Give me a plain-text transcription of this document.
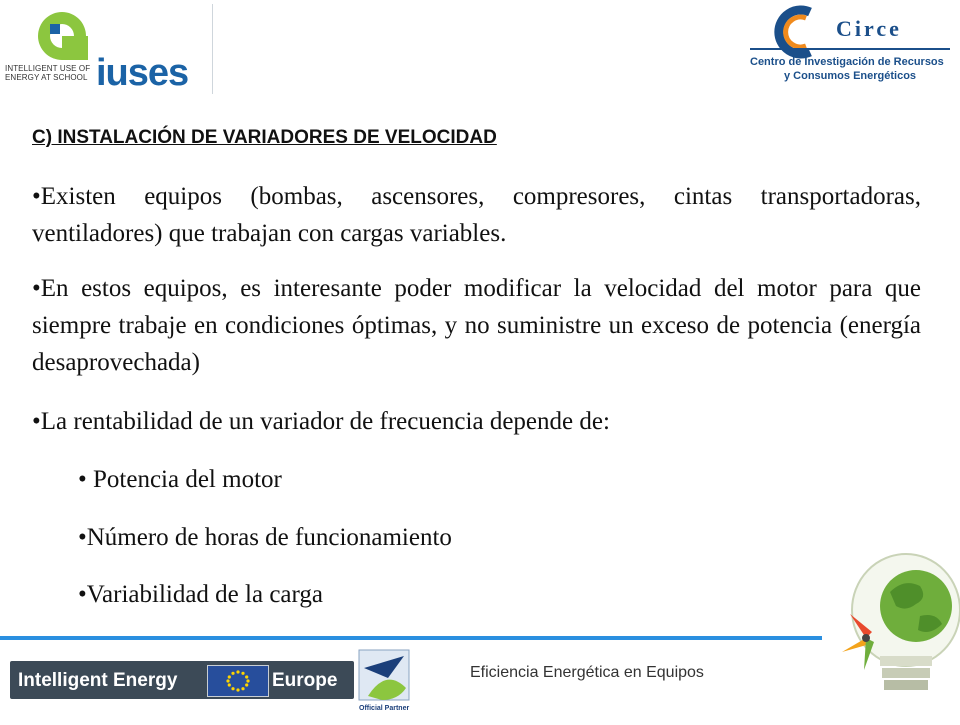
INTELLIGENT USE OF ENERGY AT SCHOOL iuses
Circe
Centro de Investigación de Recursos
y Consumos Energéticos
C) INSTALACIÓN DE VARIADORES DE VELOCIDAD

•Existen equipos (bombas, ascensores, compresores, cintas transportadoras, ventiladores) que trabajan con cargas variables.

•En estos equipos, es interesante poder modificar la velocidad del motor para que siempre trabaje en condiciones óptimas, y no suministre un exceso de potencia (energía desaprovechada)

•La rentabilidad de un variador de frecuencia depende de:

• Potencia del motor
•Número de horas de funcionamiento
•Variabilidad de la carga
Eficiencia Energética en Equipos
Intelligent Energy	Europe
Official Partner
